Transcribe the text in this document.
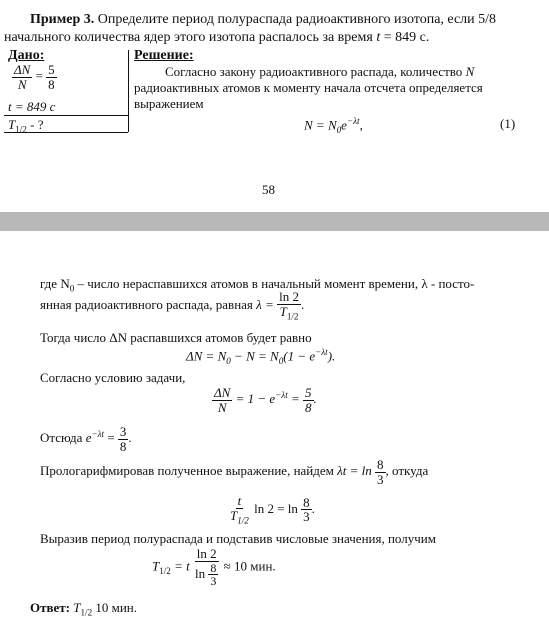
Пример 3. Определите период полураспада радиоактивного изотопа, если 5/8
начального количества ядер этого изотопа распалось за время t = 849 с.
Дано:
$\frac{\Delta N}{N} = \frac{5}{8}$
t = 849 с
$T_{1/2}$ - ?
Решение:
Согласно закону радиоактивного распада, количество N
радиоактивных атомов к моменту начала отсчета определяется
выражением
$N = N_0e^{-\lambda t}$,	(1)
58
где $N_0$ – число нераспавшихся атомов в начальный момент времени, λ - посто-
янная радиоактивного распада, равная $\lambda = \frac{\ln 2}{T_{1/2}}$ .
Тогда число ΔN распавшихся атомов будет равно
$\Delta N = N_0 - N = N_0(1 - e^{-\lambda t})$.
Согласно условию задачи,
$\frac{\Delta N}{N} = 1 - e^{-\lambda t} = \frac{5}{8}$ .
Отсюда $e^{-\lambda t} = \frac{3}{8}$ .
Прологарифмировав полученное выражение, найдем $\lambda t = \ln \frac{8}{3}$ , откуда
$\frac{t}{T_{1/2}}$ $\ln 2 = \ln \frac{8}{3}$ .
Выразив период полураспада и подставив числовые значения, получим
$T_{1/2} = t \frac{\ln 2}{\ln \frac{8}{3}} \approx 10$ мин.
Ответ: $T_{1/2}$ 10 мин.
